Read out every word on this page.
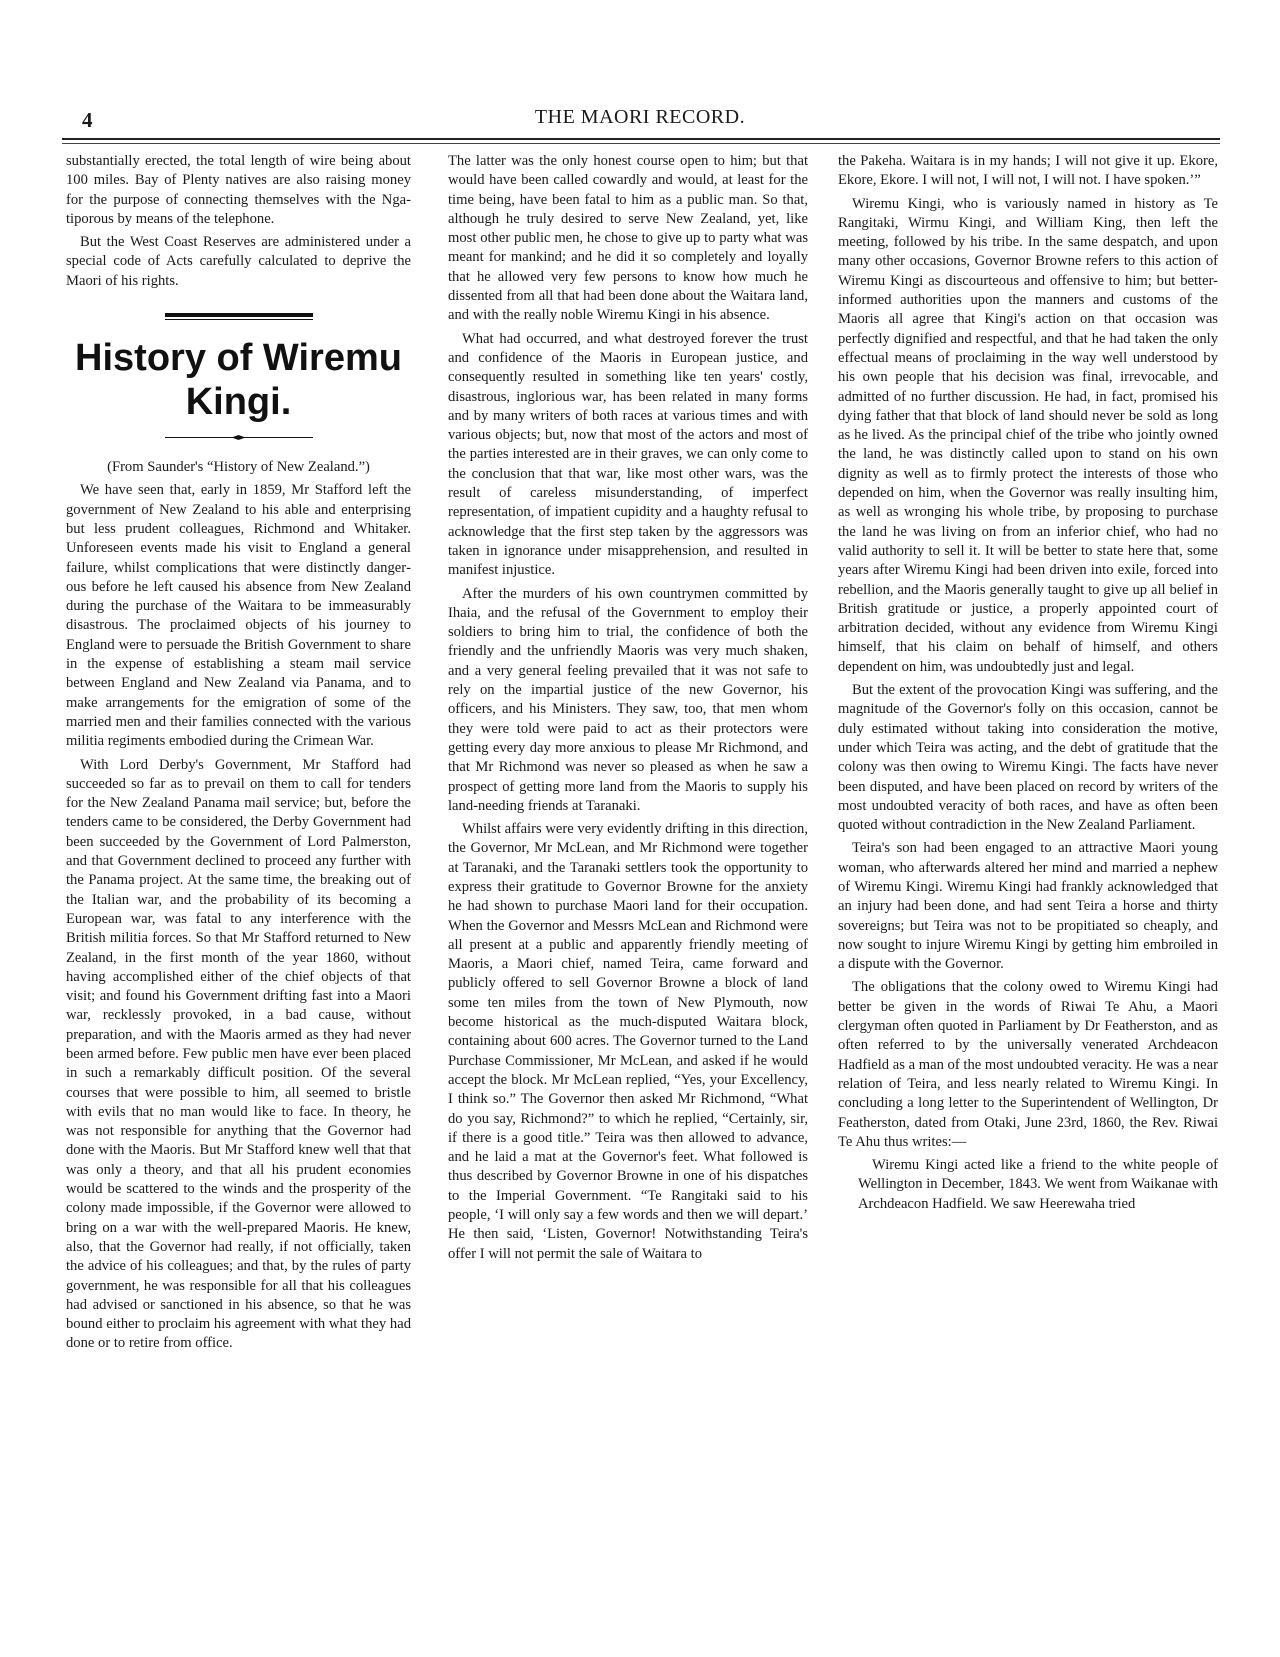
4	THE MAORI RECORD.

substantially erected, the total length of wire being about 100 miles. Bay of Plenty natives are also raising money for the purpose of connecting themselves with the Ngatiporous by means of the telephone.

But the West Coast Reserves are administered under a special code of Acts carefully calculated to deprive the Maori of his rights.

History of Wiremu Kingi.

(From Saunder's “History of New Zealand.”)

We have seen that, early in 1859, Mr Stafford left the government of New Zealand to his able and enterprising but less prudent colleagues, Richmond and Whitaker. Unforeseen events made his visit to England a general failure, whilst complications that were distinctly dangerous before he left caused his absence from New Zealand during the purchase of the Waitara to be immeasurably disastrous. The proclaimed objects of his journey to England were to persuade the British Government to share in the expense of establishing a steam mail service between England and New Zealand via Panama, and to make arrangements for the emigration of some of the married men and their families connected with the various militia regiments embodied during the Crimean War.

With Lord Derby's Government, Mr Stafford had succeeded so far as to prevail on them to call for tenders for the New Zealand Panama mail service; but, before the tenders came to be considered, the Derby Government had been succeeded by the Government of Lord Palmerston, and that Government declined to proceed any further with the Panama project. At the same time, the breaking out of the Italian war, and the probability of its becoming a European war, was fatal to any interference with the British militia forces. So that Mr Stafford returned to New Zealand, in the first month of the year 1860, without having accomplished either of the chief objects of that visit; and found his Government drifting fast into a Maori war, recklessly provoked, in a bad cause, without preparation, and with the Maoris armed as they had never been armed before. Few public men have ever been placed in such a remarkably difficult position. Of the several courses that were possible to him, all seemed to bristle with evils that no man would like to face. In theory, he was not responsible for anything that the Governor had done with the Maoris. But Mr Stafford knew well that that was only a theory, and that all his prudent economies would be scattered to the winds and the prosperity of the colony made impossible, if the Governor were allowed to bring on a war with the well-prepared Maoris. He knew, also, that the Governor had really, if not officially, taken the advice of his colleagues; and that, by the rules of party government, he was responsible for all that his colleagues had advised or sanctioned in his absence, so that he was bound either to proclaim his agreement with what they had done or to retire from office.

The latter was the only honest course open to him; but that would have been called cowardly and would, at least for the time being, have been fatal to him as a public man. So that, although he truly desired to serve New Zealand, yet, like most other public men, he chose to give up to party what was meant for mankind; and he did it so completely and loyally that he allowed very few persons to know how much he dissented from all that had been done about the Waitara land, and with the really noble Wiremu Kingi in his absence.

What had occurred, and what destroyed forever the trust and confidence of the Maoris in European justice, and consequently resulted in something like ten years' costly, disastrous, inglorious war, has been related in many forms and by many writers of both races at various times and with various objects; but, now that most of the actors and most of the parties interested are in their graves, we can only come to the conclusion that that war, like most other wars, was the result of careless misunderstanding, of imperfect representation, of impatient cupidity and a haughty refusal to acknowledge that the first step taken by the aggressors was taken in ignorance under misapprehension, and resulted in manifest injustice.

After the murders of his own countrymen committed by Ihaia, and the refusal of the Government to employ their soldiers to bring him to trial, the confidence of both the friendly and the unfriendly Maoris was very much shaken, and a very general feeling prevailed that it was not safe to rely on the impartial justice of the new Governor, his officers, and his Ministers. They saw, too, that men whom they were told were paid to act as their protectors were getting every day more anxious to please Mr Richmond, and that Mr Richmond was never so pleased as when he saw a prospect of getting more land from the Maoris to supply his land-needing friends at Taranaki.

Whilst affairs were very evidently drifting in this direction, the Governor, Mr McLean, and Mr Richmond were together at Taranaki, and the Taranaki settlers took the opportunity to express their gratitude to Governor Browne for the anxiety he had shown to purchase Maori land for their occupation. When the Governor and Messrs McLean and Richmond were all present at a public and apparently friendly meeting of Maoris, a Maori chief, named Teira, came forward and publicly offered to sell Governor Browne a block of land some ten miles from the town of New Plymouth, now become historical as the much-disputed Waitara block, containing about 600 acres. The Governor turned to the Land Purchase Commissioner, Mr McLean, and asked if he would accept the block. Mr McLean replied, “Yes, your Excellency, I think so.” The Governor then asked Mr Richmond, “What do you say, Richmond?” to which he replied, “Certainly, sir, if there is a good title.” Teira was then allowed to advance, and he laid a mat at the Governor's feet. What followed is thus described by Governor Browne in one of his dispatches to the Imperial Government. “Te Rangitaki said to his people, ‘I will only say a few words and then we will depart.’ He then said, ‘Listen, Governor! Notwithstanding Teira's offer I will not permit the sale of Waitara to

the Pakeha. Waitara is in my hands; I will not give it up. Ekore, Ekore, Ekore. I will not, I will not, I will not. I have spoken.’”

Wiremu Kingi, who is variously named in history as Te Rangitaki, Wirmu Kingi, and William King, then left the meeting, followed by his tribe. In the same despatch, and upon many other occasions, Governor Browne refers to this action of Wiremu Kingi as discourteous and offensive to him; but better-informed authorities upon the manners and customs of the Maoris all agree that Kingi's action on that occasion was perfectly dignified and respectful, and that he had taken the only effectual means of proclaiming in the way well understood by his own people that his decision was final, irrevocable, and admitted of no further discussion. He had, in fact, promised his dying father that that block of land should never be sold as long as he lived. As the principal chief of the tribe who jointly owned the land, he was distinctly called upon to stand on his own dignity as well as to firmly protect the interests of those who depended on him, when the Governor was really insulting him, as well as wronging his whole tribe, by proposing to purchase the land he was living on from an inferior chief, who had no valid authority to sell it. It will be better to state here that, some years after Wiremu Kingi had been driven into exile, forced into rebellion, and the Maoris generally taught to give up all belief in British gratitude or justice, a properly appointed court of arbitration decided, without any evidence from Wiremu Kingi himself, that his claim on behalf of himself, and others dependent on him, was undoubtedly just and legal.

But the extent of the provocation Kingi was suffering, and the magnitude of the Governor's folly on this occasion, cannot be duly estimated without taking into consideration the motive, under which Teira was acting, and the debt of gratitude that the colony was then owing to Wiremu Kingi. The facts have never been disputed, and have been placed on record by writers of the most undoubted veracity of both races, and have as often been quoted without contradiction in the New Zealand Parliament.

Teira's son had been engaged to an attractive Maori young woman, who afterwards altered her mind and married a nephew of Wiremu Kingi. Wiremu Kingi had frankly acknowledged that an injury had been done, and had sent Teira a horse and thirty sovereigns; but Teira was not to be propitiated so cheaply, and now sought to injure Wiremu Kingi by getting him embroiled in a dispute with the Governor.

The obligations that the colony owed to Wiremu Kingi had better be given in the words of Riwai Te Ahu, a Maori clergyman often quoted in Parliament by Dr Featherston, and as often referred to by the universally venerated Archdeacon Hadfield as a man of the most undoubted veracity. He was a near relation of Teira, and less nearly related to Wiremu Kingi. In concluding a long letter to the Superintendent of Wellington, Dr Featherston, dated from Otaki, June 23rd, 1860, the Rev. Riwai Te Ahu thus writes:—

Wiremu Kingi acted like a friend to the white people of Wellington in December, 1843. We went from Waikanae with Archdeacon Hadfield. We saw Heerewaha tried
